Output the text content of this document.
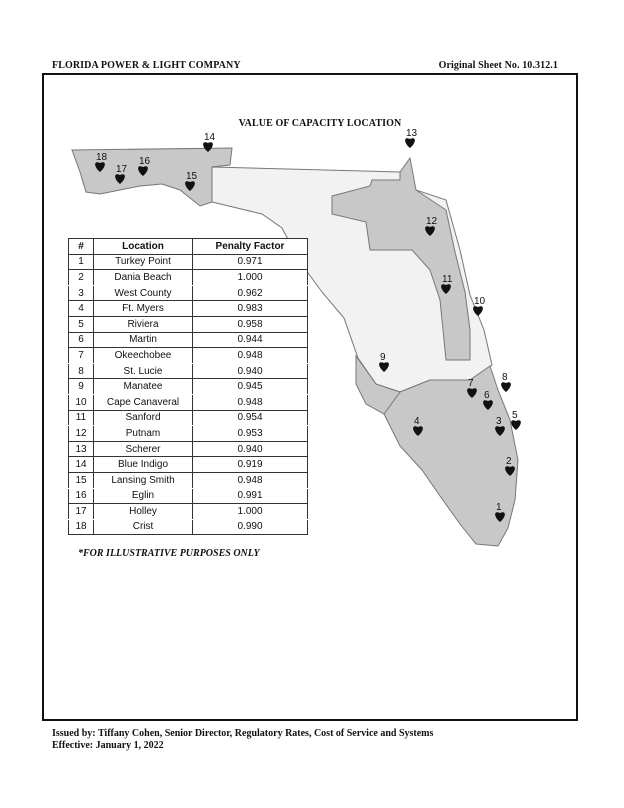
FLORIDA POWER & LIGHT COMPANY	Original Sheet No. 10.312.1
1
2
3
4
5
6
7
8
9
10
11
12
13
14
15
16
17
18
VALUE OF CAPACITY LOCATION
#	Location	Penalty Factor
1	Turkey Point	0.971
2	Dania Beach	1.000
3	West County	0.962
4	Ft. Myers	0.983
5	Riviera	0.958
6	Martin	0.944
7	Okeechobee	0.948
8	St. Lucie	0.940
9	Manatee	0.945
10	Cape Canaveral	0.948
11	Sanford	0.954
12	Putnam	0.953
13	Scherer	0.940
14	Blue Indigo	0.919
15	Lansing Smith	0.948
16	Eglin	0.991
17	Holley	1.000
18	Crist	0.990
*FOR ILLUSTRATIVE PURPOSES ONLY
Issued by: Tiffany Cohen, Senior Director, Regulatory Rates, Cost of Service and Systems
Effective: January 1, 2022
